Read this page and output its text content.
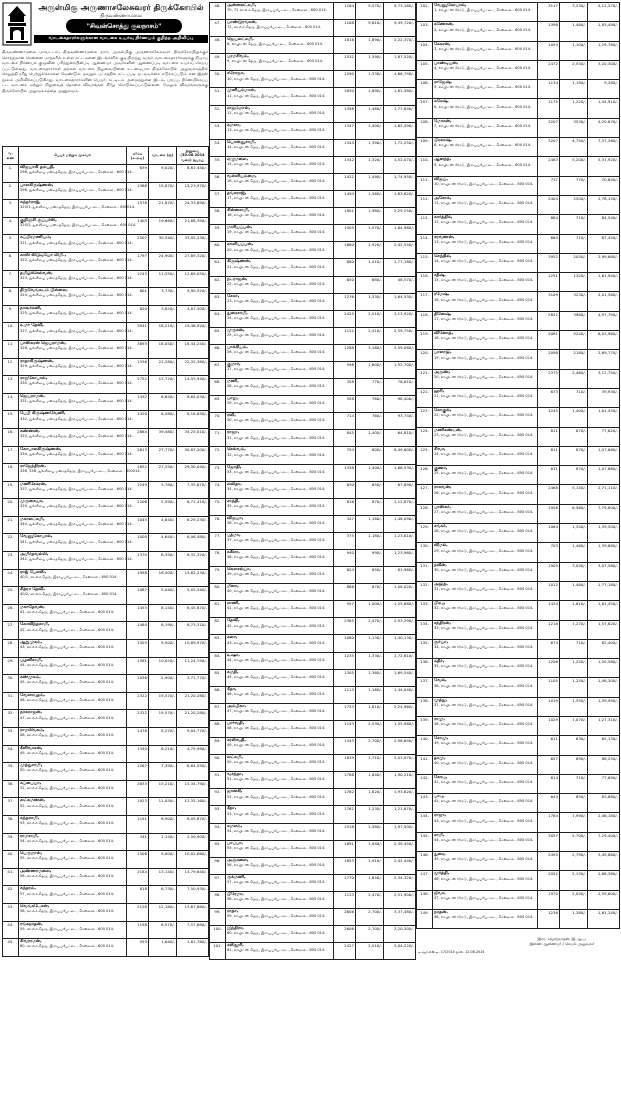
அருள்மிகு அருணாசலேசுவரர் திருக்கோயில்
திருவண்ணாமலை
"சிவன்சொத்து குலநாசம்"
வாடகைதாரர்களுக்கான வாடகை உயர்வு நிர்ணயம் குறித்த அறிவிப்பு
திருவண்ணாமலை மாவட்டம், திருவண்ணாமலை நகர், அருள்மிகு அருணாசலேசுவரர் திருக்கோயிலுக்குச் சொந்தமான சென்னை மாநகரில் உள்ள கட்டமனை இடங்களில் குடியிருந்து வரும் வாடகைதாரர்களுக்கு நியாய வாடகை நிர்ணயக் குழுவின் பரிந்துரையின்படி ஆணையர் அவர்களின் ஆணைப்படி வாடகை உயர்வு செய்யப்பட்டுள்ளது. வாடகைதாரர்கள் தங்கள் வாடகை நிலுவையினை உடனடியாக திருக்கோயில் அலுவலகத்தில் செலுத்தி ரசீது பெற்றுக்கொள்ள வேண்டும். தவறும் பட்சத்தில் சட்டப்படி நடவடிக்கை எடுக்கப்படும் என இதன் மூலம் அறிவிக்கப்படுகிறது. வாடகைதாரர்களின் பெயர், கட்டிடம் அமைந்துள்ள இடம், பரப்பு, நிர்ணயிக்கப்பட்ட வாடகை மற்றும் நிலுவைத் தொகை விவரங்கள் கீழே கொடுக்கப்பட்டுள்ளன. மேலும் விவரங்களுக்கு திருக்கோயில் அலுவலகத்தை அணுகவும்.
வ. எண்	பெயர் மற்றும் முகவரி	பரப்பு (ச.அடி)	வாடகை (ரூ)	நிலுவை (30.06.2014 வரை) ரூபாய்
1.	விஜயாகி தம்பதி,
298, துல்லியை மன்றத்தெரு, இராயப்பேட்டை, சென்னை - 600 014.	639	9,020/-	8,81,450/-
2.	பாலகிருஷ்ணன்,
296, துல்லியை மன்றத்தெரு, இராயப்பேட்டை, சென்னை - 600 014.	1368	15,870/-	15,23,970/-
3.	சுந்தர்ராஜ்,
320/1, துல்லியை மன்றத்தெரு, இராயப்பேட்டை, சென்னை - 600014.	1578	21,870/-	24,33,890/-
4.	குறிஞ்சி சூப்பர்ஸ்,
320/2, துல்லியை மன்றத்தெரு, இராயப்பேட்டை, சென்னை - 600 014.	1405	19,660/-	21,68,390/-
5.	சுப்பிரமணியம்,
321, துல்லியை மன்றத்தெரு, இராயப்பேட்டை, சென்னை - 600 014.	2507	30,540/-	33,05,230/-
6.	காஸ் ஸ்டுடியோ லிமி.,
322, துல்லியை மன்றத்தெரு, இராயப்பேட்டை, சென்னை - 600 014.	1797	24,900/-	27,89,320/-
7.	தமிழ்ச்செல்வன்,
323, துல்லியை மன்றத்தெரு, இராயப்பேட்டை, சென்னை - 600 014.	1243	11,250/-	12,69,050/-
8.	திருவேங்கடம் பிள்ளை,
324, துல்லியை மன்றத்தெரு, இராயப்பேட்டை, சென்னை - 600 014.	801	3,730/-	4,90,320/-
9.	நாகூர்கனி,
325, துல்லியை மன்றத்தெரு, இராயப்பேட்டை, சென்னை - 600 014.	820	3,820/-	4,87,500/-
10.	உமா தேவி,
327, துல்லியை மன்றத்தெரு, இராயப்பேட்டை, சென்னை - 600 014.	3941	18,210/-	19,46,920/-
11.	பாஸ்கரன் ஜெயராமன்,
328, துல்லியை மன்றத்தெரு, இராயப்பேட்டை, சென்னை - 600 014.	3893	18,050/-	18,44,240/-
12.	ராதாகிருஷ்ணன்,
329, துல்லியை மன்றத்தெரு, இராயப்பேட்டை, சென்னை - 600 014.	1536	21,280/-	22,32,360/-
13.	ராஜகோபால்,
330, துல்லியை மன்றத்தெரு, இராயப்பேட்டை, சென்னை - 600 014.	2752	12,720/-	14,55,940/-
14.	ஜெயராமன்,
331, துல்லியை மன்றத்தெரு, இராயப்பேட்டை, சென்னை - 600 014.	1432	6,640/-	8,64,030/-
15.	பேபி கிருஷ்ணவேணி,
332, துல்லியை மன்றத்தெரு, இராயப்பேட்டை, சென்னை - 600 014.	1420	6,580/-	8,18,850/-
16.	கண்ணன்,
333, துல்லியை மன்றத்தெரு, இராயப்பேட்டை, சென்னை - 600 014.	2864	39,480/-	34,25,010/-
17.	கோபாலகிருஷ்ணன்,
334, துல்லியை மன்றத்தெரு, இராயப்பேட்டை, சென்னை - 600 014.	2813	27,770/-	30,87,200/-
18.	ராஜேந்திரன்,
336, 338, துல்லியை மன்றத்தெரு, இராயப்பேட்டை, சென்னை - 600014.	2852	27,250/-	29,30,040/-
19.	மணிசேகரன்,
337, துல்லியை மன்றத்தெரு, இராயப்பேட்டை, சென்னை - 600 014.	1249	5,780/-	7,35,670/-
20.	முருகையா,
339, துல்லியை மன்றத்தெரு, இராயப்பேட்டை, சென்னை - 600 014.	1206	5,590/-	6,71,410/-
21.	மகாலட்சுமி,
340, துல்லியை மன்றத்தெரு, இராயப்பேட்டை, சென்னை - 600 014.	1045	4,840/-	6,29,230/-
22.	வேணுகோபால்,
341, துல்லியை மன்றத்தெரு, இராயப்பேட்டை, சென்னை - 600 014.	1000	4,640/-	6,06,480/-
23.	அமிர்தவல்லி,
342, துல்லியை மன்றத்தெரு, இராயப்பேட்டை, சென்னை - 600 014.	1370	6,350/-	8,32,320/-
24.	ராஜ் பேலஸ்,
40/1, வி.எம்.தெரு, இராயப்பேட்டை, சென்னை - 600 014.	1998	16,400/-	15,62,230/-
25.	சித்ரா தேவி,
40/2, வி.எம்.தெரு, இராயப்பேட்டை, சென்னை - 600 014.	1087	5,040/-	5,05,540/-
26.	மகாதேவன்,
41, வி.எம்.தெரு, இராயப்பேட்டை, சென்னை - 600 014.	1455	8,140/-	8,45,870/-
27.	கோவிந்தசாமி,
42, வி.எம்.தெரு, இராயப்பேட்டை, சென்னை - 600 014.	1464	8,190/-	8,73,310/-
28.	ஆறுமுகம்,
43, வி.எம்.தெரு, இராயப்பேட்டை, சென்னை - 600 014.	1503	9,500/-	10,89,970/-
29.	பழனிசாமி,
44, வி.எம்.தெரு, இராயப்பேட்டை, சென்னை - 600 014.	1581	10,020/-	11,24,790/-
30.	சண்முகம்,
45, வி.எம்.தெரு, இராயப்பேட்டை, சென்னை - 600 014.	1036	2,900/-	3,71,770/-
31.	வேலாயுதம்,
46, வி.எம்.தெரு, இராயப்பேட்டை, சென்னை - 600 014.	2322	19,570/-	21,20,280/-
32.	நாகராஜன்,
47, வி.எம்.தெரு, இராயப்பேட்டை, சென்னை - 600 014.	2322	19,570/-	21,20,280/-
33.	ராமலிங்கம்,
48, வி.எம்.தெரு, இராயப்பேட்டை, சென்னை - 600 014.	1478	8,270/-	9,04,770/-
34.	சீனிவாசன்,
49, வி.எம்.தெரு, இராயப்பேட்டை, சென்னை - 600 014.	1340	6,210/-	4,75,980/-
35.	முத்துசாமி,
50, வி.எம்.தெரு, இராயப்பேட்டை, சென்னை - 600 014.	1267	7,390/-	8,64,550/-
36.	சுப்பையா,
51, வி.எம்.தெரு, இராயப்பேட்டை, சென்னை - 600 014.	2633	15,210/-	15,34,790/-
37.	லட்சுமணன்,
52, வி.எம்.தெரு, இராயப்பேட்டை, சென்னை - 600 014.	1923	11,050/-	12,35,160/-
38.	கந்தசாமி,
53, வி.எம்.தெரு, இராயப்பேட்டை, சென்னை - 600 014.	1191	6,900/-	8,05,870/-
39.	ராமசாமி,
54, வி.எம்.தெரு, இராயப்பேட்டை, சென்னை - 600 014.	341	2,140/-	2,50,900/-
40.	பெருமாள்,
55, வி.எம்.தெரு, இராயப்பேட்டை, சென்னை - 600 014.	1508	9,000/-	10,02,660/-
41.	அண்ணாமலை,
56, வி.எம்.தெரு, இராயப்பேட்டை, சென்னை - 600 014.	2184	13,140/-	14,79,640/-
42.	சுந்தரம்,
57, வி.எம்.தெரு, இராயப்பேட்டை, சென்னை - 600 014.	818	6,730/-	7,50,930/-
43.	வெங்கடேசன்,
58, வி.எம்.தெரு, இராயப்பேட்டை, சென்னை - 600 014.	2126	12,160/-	13,67,660/-
44.	ரங்கநாதன்,
59, வி.எம்.தெரு, இராயப்பேட்டை, சென்னை - 600 014.	1198	6,570/-	7,57,680/-
45.	சிவராமன்,
60, வி.எம்.தெரு, இராயப்பேட்டை, சென்னை - 600 014.	593	1,640/-	1,61,760/-
46.	அன்னலட்சுமி,
70, 71 வி.எம்.தெரு, இராயப்பேட்டை, சென்னை - 600 014.	1164	9,570/-	9,73,160/-
47.	பாண்டுரங்கன்,
72, வி.எம்.தெரு, இராயப்பேட்டை, சென்னை - 600 014.	1168	9,610/-	9,49,720/-
48.	ஜெயலட்சுமி,
8, லாயிட்ஸ் தெரு, இராயப்பேட்டை, சென்னை - 600 014.	1818	1,890/-	2,22,370/-
49.	பரமசிவம்,
9, லாயிட்ஸ் தெரு, இராயப்பேட்டை, சென்னை - 600 014.	1532	1,590/-	1,87,520/-
50.	சரோஜா,
10, லாயிட்ஸ் தெரு, இராயப்பேட்டை, சென்னை - 600 014.	1290	1,330/-	1,66,790/-
51.	முனியம்மாள்,
11, லாயிட்ஸ் தெரு, இராயப்பேட்டை, சென்னை - 600 014.	1830	1,890/-	1,81,580/-
52.	ராஜம்மாள்,
12, லாயிட்ஸ் தெரு, இராயப்பேட்டை, சென்னை - 600 014.	1398	1,460/-	1,77,840/-
53.	கமலா,
13, லாயிட்ஸ் தெரு, இராயப்பேட்டை, சென்னை - 600 014.	1347	1,400/-	1,62,490/-
54.	பொன்னுசாமி,
14, லாயிட்ஸ் தெரு, இராயப்பேட்டை, சென்னை - 600 014.	1344	1,390/-	1,72,250/-
55.	ஏழுமலை,
15, லாயிட்ஸ் தெரு, இராயப்பேட்டை, சென்னை - 600 014.	1342	1,320/-	1,52,070/-
56.	வள்ளியம்மை,
16, லாயிட்ஸ் தெரு, இராயப்பேட்டை, சென்னை - 600 014.	1422	1,490/-	1,74,950/-
57.	தங்கராஜ்,
17, லாயிட்ஸ் தெரு, இராயப்பேட்டை, சென்னை - 600 014.	1494	1,560/-	1,83,620/-
58.	சின்னசாமி,
18, லாயிட்ஸ் தெரு, இராயப்பேட்டை, சென்னை - 600 014.	1901	1,980/-	2,29,250/-
59.	மாரியப்பன்,
19, லாயிட்ஸ் தெரு, இராயப்பேட்டை, சென்னை - 600 014.	1505	1,570/-	1,84,960/-
60.	காளியப்பன்,
20, லாயிட்ஸ் தெரு, இராயப்பேட்டை, சென்னை - 600 014.	1860	1,920/-	2,42,550/-
61.	கிருஷ்ணன்,
21, லாயிட்ஸ் தெரு, இராயப்பேட்டை, சென்னை - 600 014.	680	1,410/-	1,77,180/-
62.	நடராஜன்,
22, லாயிட்ஸ் தெரு, இராயப்பேட்டை, சென்னை - 600 014.	650	680/-	48,570/-
63.	சேகர்,
23, லாயிட்ஸ் தெரு, இராயப்பேட்டை, சென்னை - 600 014.	1276	1,330/-	1,64,530/-
64.	துரைசாமி,
24, லாயிட்ஸ் தெரு, இராயப்பேட்டை, சென்னை - 600 014.	2425	2,510/-	3,13,920/-
65.	முருகன்,
25, லாயிட்ஸ் தெரு, இராயப்பேட்டை, சென்னை - 600 014.	1122	2,410/-	2,59,750/-
66.	பாக்கியம்,
26, லாயிட்ஸ் தெரு, இராயப்பேட்டை, சென்னை - 600 014.	1288	3,160/-	3,59,060/-
67.	குமார்,
27, லாயிட்ஸ் தெரு, இராயப்பேட்டை, சென்னை - 600 014.	598	1,600/-	1,52,700/-
68.	மணி,
28, லாயிட்ஸ் தெரு, இராயப்பேட்டை, சென்னை - 600 014.	358	770/-	76,610/-
69.	பாலு,
29, லாயிட்ஸ் தெரு, இராயப்பேட்டை, சென்னை - 600 014.	358	760/-	98,400/-
70.	ரவி,
30, லாயிட்ஸ் தெரு, இராயப்பேட்டை, சென்னை - 600 014.	714	760/-	93,740/-
71.	ராஜா,
31, லாயிட்ஸ் தெரு, இராயப்பேட்டை, சென்னை - 600 014.	845	1,400/-	64,810/-
72.	செல்வம்,
32, லாயிட்ஸ் தெரு, இராயப்பேட்டை, சென்னை - 600 014.	754	800/-	8,49,600/-
73.	ஜோதி,
33, லாயிட்ஸ் தெரு, இராயப்பேட்டை, சென்னை - 600 014.	1338	1,400/-	1,66,530/-
74.	லலிதா,
34, லாயிட்ஸ் தெரு, இராயப்பேட்டை, சென்னை - 600 014.	630	650/-	67,890/-
75.	சாந்தி,
35, லாயிட்ஸ் தெரு, இராயப்பேட்டை, சென்னை - 600 014.	816	870/-	1,12,870/-
76.	விஜயா,
36, லாயிட்ஸ் தெரு, இராயப்பேட்டை, சென்னை - 600 014.	347	1,180/-	1,46,090/-
77.	பத்மா,
37, லாயிட்ஸ் தெரு, இராயப்பேட்டை, சென்னை - 600 014.	375	1,180/-	1,23,610/-
78.	சுசீலா,
38, லாயிட்ஸ் தெரு, இராயப்பேட்டை, சென்னை - 600 014.	940	990/-	1,23,960/-
79.	கௌசல்யா,
39, லாயிட்ஸ் தெரு, இராயப்பேட்டை, சென்னை - 600 014.	624	650/-	81,960/-
80.	மீனா,
40, லாயிட்ஸ் தெரு, இராயப்பேட்டை, சென்னை - 600 014.	866	870/-	1,08,020/-
81.	ராணி,
41, லாயிட்ஸ் தெரு, இராயப்பேட்டை, சென்னை - 600 014.	957	1,000/-	1,25,660/-
82.	தேவி,
42, லாயிட்ஸ் தெரு, இராயப்பேட்டை, சென்னை - 600 014.	2385	2,470/-	2,93,290/-
83.	கலா,
43, லாயிட்ஸ் தெரு, இராயப்பேட்டை, சென்னை - 600 014.	1080	1,130/-	1,40,130/-
84.	உஷா,
44, லாயிட்ஸ் தெரு, இராயப்பேட்டை, சென்னை - 600 014.	1235	1,330/-	1,72,610/-
85.	சுமதி,
45, லாயிட்ஸ் தெரு, இராயப்பேட்டை, சென்னை - 600 014.	1305	1,360/-	1,69,540/-
86.	கீதா,
46, லாயிட்ஸ் தெரு, இராயப்பேட்டை, சென்னை - 600 014.	1113	1,160/-	1,44,040/-
87.	அம்பிகா,
47, லாயிட்ஸ் தெரு, இராயப்பேட்டை, சென்னை - 600 014.	1733	1,810/-	2,24,960/-
88.	பார்வதி,
48, லாயிட்ஸ் தெரு, இராயப்பேட்டை, சென்னை - 600 014.	1143	2,530/-	1,55,960/-
89.	சரஸ்வதி,
49, லாயிட்ஸ் தெரு, இராயப்பேட்டை, சென்னை - 600 014.	1343	2,700/-	2,96,640/-
90.	லட்சுமி,
50, லாயிட்ஸ் தெரு, இராயப்பேட்டை, சென்னை - 600 014.	1639	1,710/-	2,03,970/-
91.	வசந்தா,
51, லாயிட்ஸ் தெரு, இராயப்பேட்டை, சென்னை - 600 014.	1766	1,840/-	1,90,210/-
92.	ஜானகி,
52, லாயிட்ஸ் தெரு, இராயப்பேட்டை, சென்னை - 600 014.	1762	1,820/-	1,93,620/-
93.	சீதா,
53, லாயிட்ஸ் தெரு, இராயப்பேட்டை, சென்னை - 600 014.	1762	1,230/-	1,21,670/-
94.	கமலம்,
54, லாயிட்ஸ் தெரு, இராயப்பேட்டை, சென்னை - 600 014.	1518	1,580/-	1,97,500/-
95.	பாப்பா,
55, லாயிட்ஸ் தெரு, இராயப்பேட்டை, சென்னை - 600 014.	1891	1,940/-	2,39,450/-
96.	அஞ்சலை,
56, லாயிட்ஸ் தெரு, இராயப்பேட்டை, சென்னை - 600 014.	1853	1,910/-	2,42,440/-
97.	ருக்மணி,
57, லாயிட்ஸ் தெரு, இராயப்பேட்டை, சென்னை - 600 014.	1770	1,850/-	2,34,320/-
98.	பிரேமா,
58, லாயிட்ஸ் தெரு, இராயப்பேட்டை, சென்னை - 600 014.	1133	2,470/-	2,51,900/-
99.	ராதா,
59, லாயிட்ஸ் தெரு, இராயப்பேட்டை, சென்னை - 600 014.	2606	2,700/-	3,37,480/-
100.	இந்திரா,
60, லாயிட்ஸ் தெரு, இராயப்பேட்டை, சென்னை - 600 014.	2606	2,700/-	3,20,300/-
101.	கஸ்தூரி,
61, லாயிட்ஸ் தெரு, இராயப்பேட்டை, சென்னை - 600 014.	2427	2,510/-	3,04,220/-
102.	வேணுகோபால்,
1, லாயிட்ஸ் ரோடு, இராயப்பேட்டை, சென்னை - 600 014.	3117	3,230/-	4,12,270/-
103.	கணேசன்,
2, லாயிட்ஸ் ரோடு, இராயப்பேட்டை, சென்னை - 600 014.	1398	1,460/-	1,83,490/-
104.	சேகரன்,
3, லாயிட்ஸ் ரோடு, இராயப்பேட்டை, சென்னை - 600 014.	1054	1,100/-	1,29,780/-
105.	பாண்டியன்,
4, லாயிட்ஸ் ரோடு, இராயப்பேட்டை, சென்னை - 600 014.	2472	2,550/-	3,20,300/-
106.	ராஜேஷ்,
5, லாயிட்ஸ் ரோடு, இராயப்பேட்டை, சென்னை - 600 014.	1134	1,190/-	9,280/-
107.	சுரேஷ்,
6, லாயிட்ஸ் ரோடு, இராயப்பேட்டை, சென்னை - 600 014.	1175	1,220/-	1,44,910/-
108.	மோகன்,
7, லாயிட்ஸ் ரோடு, இராயப்பேட்டை, சென்னை - 600 014.	3207	3530/-	4,20,670/-
109.	பிரகாஷ்,
8, லாயிட்ஸ் ரோடு, இராயப்பேட்டை, சென்னை - 600 014.	3207	4,750/-	7,37,260/-
110.	ஆனந்த்,
9, லாயிட்ஸ் ரோடு, இராயப்பேட்டை, சென்னை - 600 014.	2483	5,200/-	5,31,920/-
111.	விஜய்,
10, லாயிட்ஸ் ரோடு, இராயப்பேட்டை, சென்னை - 600 014.	737	770/-	70,650/-
112.	அசோக்,
11, லாயிட்ஸ் ரோடு, இராயப்பேட்டை, சென்னை - 600 014.	2404	2500/-	2,76,150/-
113.	கார்த்திக்,
12, லாயிட்ஸ் ரோடு, இராயப்பேட்டை, சென்னை - 600 014.	884	710/-	84,540/-
114.	சரவணன்,
13, லாயிட்ஸ் ரோடு, இராயப்பேட்டை, சென்னை - 600 014.	684	710/-	87,450/-
115.	செந்தில்,
14, லாயிட்ஸ் ரோடு, இராயப்பேட்டை, சென்னை - 600 014.	3952	2050/-	2,99,660/-
116.	சதீஷ்,
15, லாயிட்ஸ் ரோடு, இராயப்பேட்டை, சென்னை - 600 014.	1251	1320/-	1,61,940/-
117.	ரமேஷ்,
16, லாயிட்ஸ் ரோடு, இராயப்பேட்டை, சென்னை - 600 014.	3109	3230/-	4,01,560/-
118.	தினேஷ்,
17, லாயிட்ஸ் ரோடு, இராயப்பேட்டை, சென்னை - 600 014.	2852	3960/-	4,97,790/-
119.	வினோத்,
18, லாயிட்ஸ் ரோடு, இராயப்பேட்டை, சென்னை - 600 014.	5081	5240/-	6,03,960/-
120.	பாலாஜி,
19, லாயிட்ஸ் ரோடு, இராயப்பேட்டை, சென்னை - 600 014.	2098	2180/-	2,69,770/-
121.	அருண்,
20, லாயிட்ஸ் ரோடு, இராயப்பேட்டை, சென்னை - 600 014.	2375	2,460/-	3,12,750/-
122.	ஹரி,
21, லாயிட்ஸ் ரோடு, இராயப்பேட்டை, சென்னை - 600 014.	673	710/-	39,930/-
123.	கோகுல்,
22, லாயிட்ஸ் ரோடு, இராயப்பேட்டை, சென்னை - 600 014.	1245	1,400/-	1,61,450/-
124.	மணிகண்டன்,
23, லாயிட்ஸ் ரோடு, இராயப்பேட்டை, சென்னை - 600 014.	811	870/-	77,620/-
125.	சிவா,
24, லாயிட்ஸ் ரோடு, இராயப்பேட்டை, சென்னை - 600 014.	811	870/-	1,07,660/-
126.	குணா,
25, லாயிட்ஸ் ரோடு, இராயப்பேட்டை, சென்னை - 600 014.	811	870/-	1,07,660/-
127.	ராகவன்,
26, லாயிட்ஸ் ரோடு, இராயப்பேட்டை, சென்னை - 600 014.	2468	5,140/-	2,71,110/-
128.	பாஸ்கர்,
27, லாயிட்ஸ் ரோடு, இராயப்பேட்டை, சென்னை - 600 014.	1956	6,560/-	7,79,800/-
129.	சங்கர்,
28, லாயிட்ஸ் ரோடு, இராயப்பேட்டை, சென்னை - 600 014.	1064	1,340/-	1,39,500/-
130.	விமல்,
29, லாயிட்ஸ் ரோடு, இராயப்பேட்டை, சென்னை - 600 014.	703	1,460/-	1,39,880/-
131.	நவீன்,
30, லாயிட்ஸ் ரோடு, இராயப்பேட்டை, சென்னை - 600 014.	1905	3,050/-	3,07,580/-
132.	அஜித்,
31, லாயிட்ஸ் ரோடு, இராயப்பேட்டை, சென்னை - 600 014.	1012	1,460/-	1,77,180/-
133.	பிரபு,
32, லாயிட்ஸ் ரோடு, இராயப்பேட்டை, சென்னை - 600 014.	1434	1,610/-	1,81,450/-
134.	சந்திரன்,
33, லாயிட்ஸ் ரோடு, இராயப்பேட்டை, சென்னை - 600 014.	1218	1,270/-	1,57,620/-
135.	சூர்யா,
34, லாயிட்ஸ் ரோடு, இராயப்பேட்டை, சென்னை - 600 014.	674	710/-	82,400/-
136.	கதிர்,
35, லாயிட்ஸ் ரோடு, இராயப்பேட்டை, சென்னை - 600 014.	1206	1,250/-	1,50,580/-
137.	வேல்,
36, லாயிட்ஸ் ரோடு, இராயப்பேட்டை, சென்னை - 600 014.	1105	1,250/-	1,46,300/-
138.	முத்து,
37, லாயிட்ஸ் ரோடு, இராயப்பேட்டை, சென்னை - 600 014.	1019	1,350/-	1,39,990/-
139.	ராமு,
38, லாயிட்ஸ் ரோடு, இராயப்பேட்டை, சென்னை - 600 014.	1029	1,070/-	1,27,310/-
140.	சோமு,
39, லாயிட்ஸ் ரோடு, இராயப்பேட்டை, சென்னை - 600 014.	611	630/-	65,130/-
141.	தாமு,
40, லாயிட்ஸ் ரோடு, இராயப்பேட்டை, சென்னை - 600 014.	657	690/-	86,250/-
142.	கோபு,
41, லாயிட்ஸ் ரோடு, இராயப்பேட்டை, சென்னை - 600 014.	614	710/-	77,690/-
143.	பாபு,
42, லாயிட்ஸ் ரோடு, இராயப்பேட்டை, சென்னை - 600 014.	644	850/-	83,880/-
144.	ராஜு,
43, லாயிட்ஸ் ரோடு, இராயப்பேட்டை, சென்னை - 600 014.	1784	1,990/-	2,46,180/-
145.	சாமி,
44, லாயிட்ஸ் ரோடு, இராயப்பேட்டை, சென்னை - 600 014.	3057	5,700/-	7,29,400/-
146.	துரை,
45, லாயிட்ஸ் ரோடு, இராயப்பேட்டை, சென்னை - 600 014.	2495	2,790/-	3,49,860/-
147.	மூர்த்தி,
46, லாயிட்ஸ் ரோடு, இராயப்பேட்டை, சென்னை - 600 014.	2052	2,130/-	2,68,380/-
148.	ஜீவா,
47, லாயிட்ஸ் ரோடு, இராயப்பேட்டை, சென்னை - 600 014.	1970	2,050/-	2,59,600/-
149.	நாதன்,
48, லாயிட்ஸ் ரோடு, இராயப்பேட்டை, சென்னை - 600 014.	1236	1,380/-	1,61,240/-
இரா. ஜெகந்நாதன், இ.ஆ.ப.
இணை ஆணையர் / செயல் அலுவலர்
டி.ஆர்.என்.ஏ. 17/2014 நாள். 12.08.2014
